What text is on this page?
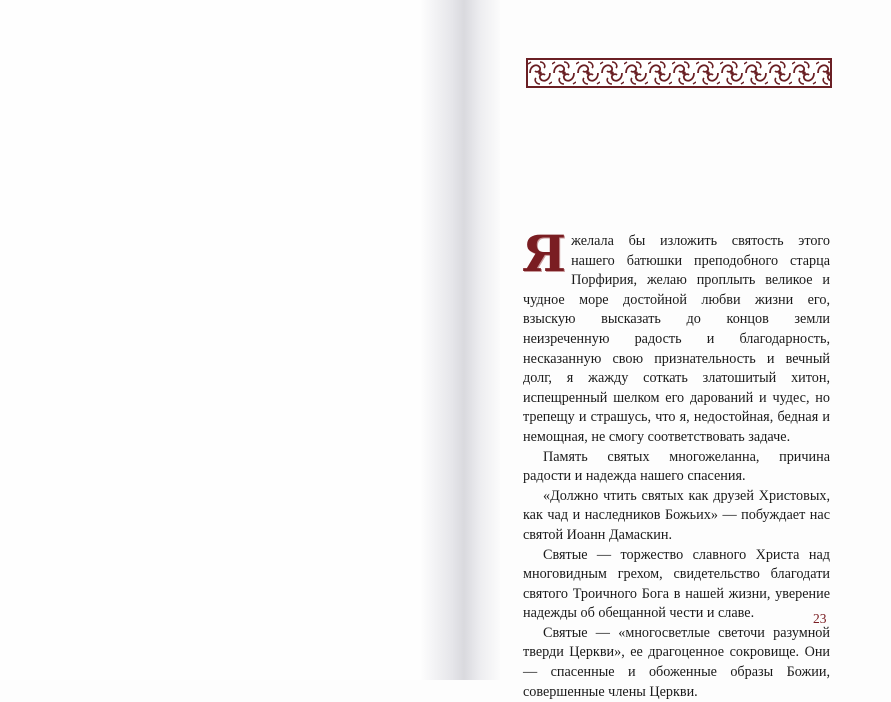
Я желала бы изложить святость этого нашего батюшки преподобного старца Порфирия, желаю проплыть великое и чудное море достойной любви жизни его, взыскую высказать до концов земли неизреченную радость и благодарность, несказанную свою признательность и вечный долг, я жажду соткать златошитый хитон, испещренный шелком его дарований и чудес, но трепещу и страшусь, что я, недостойная, бедная и немощная, не смогу соответствовать задаче.

Память святых многожеланна, причина радости и надежда нашего спасения.

«Должно чтить святых как друзей Христовых, как чад и наследников Божьих» — побуждает нас святой Иоанн Дамаскин.

Святые — торжество славного Христа над многовидным грехом, свидетельство благодати святого Троичного Бога в нашей жизни, уверение надежды об обещанной чести и славе.

Святые — «многосветлые светочи разумной тверди Церкви», ее драгоценное сокровище. Они — спасенные и обоженные образы Божии, совершенные члены Церкви.

23
